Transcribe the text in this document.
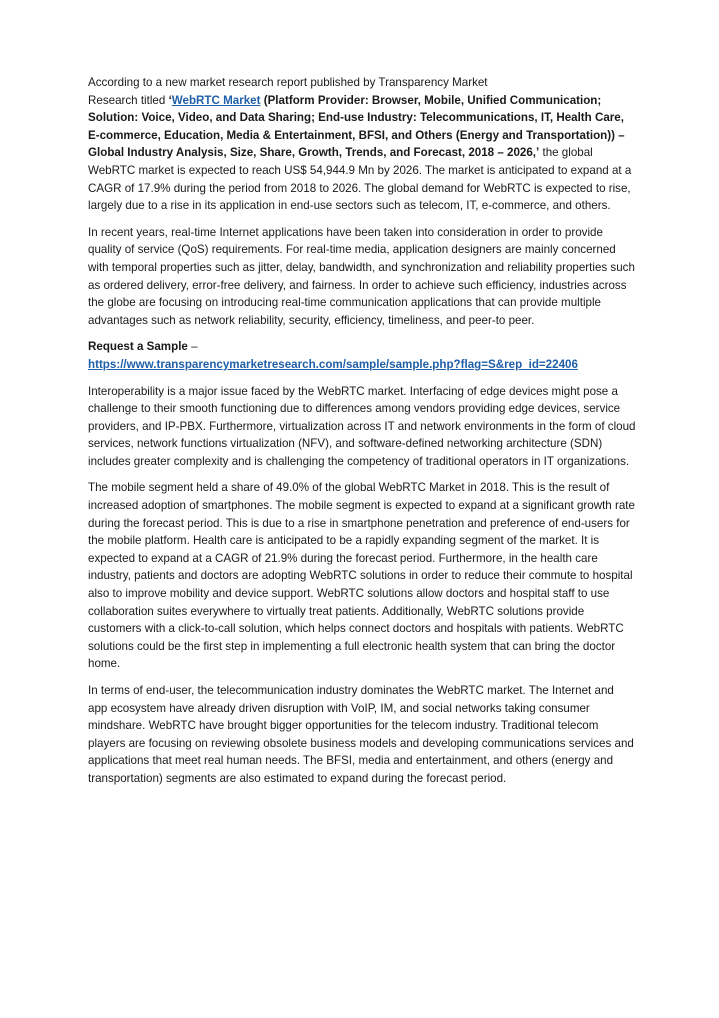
According to a new market research report published by Transparency Market
Research titled ‘WebRTC Market (Platform Provider: Browser, Mobile, Unified Communication; Solution: Voice, Video, and Data Sharing; End-use Industry: Telecommunications, IT, Health Care, E-commerce, Education, Media & Entertainment, BFSI, and Others (Energy and Transportation)) – Global Industry Analysis, Size, Share, Growth, Trends, and Forecast, 2018 – 2026,’ the global WebRTC market is expected to reach US$ 54,944.9 Mn by 2026. The market is anticipated to expand at a CAGR of 17.9% during the period from 2018 to 2026. The global demand for WebRTC is expected to rise, largely due to a rise in its application in end-use sectors such as telecom, IT, e-commerce, and others.

In recent years, real-time Internet applications have been taken into consideration in order to provide quality of service (QoS) requirements. For real-time media, application designers are mainly concerned with temporal properties such as jitter, delay, bandwidth, and synchronization and reliability properties such as ordered delivery, error-free delivery, and fairness. In order to achieve such efficiency, industries across the globe are focusing on introducing real-time communication applications that can provide multiple advantages such as network reliability, security, efficiency, timeliness, and peer-to peer.

Request a Sample –
https://www.transparencymarketresearch.com/sample/sample.php?flag=S&rep_id=22406

Interoperability is a major issue faced by the WebRTC market. Interfacing of edge devices might pose a challenge to their smooth functioning due to differences among vendors providing edge devices, service providers, and IP-PBX. Furthermore, virtualization across IT and network environments in the form of cloud services, network functions virtualization (NFV), and software-defined networking architecture (SDN) includes greater complexity and is challenging the competency of traditional operators in IT organizations.

The mobile segment held a share of 49.0% of the global WebRTC Market in 2018. This is the result of increased adoption of smartphones. The mobile segment is expected to expand at a significant growth rate during the forecast period. This is due to a rise in smartphone penetration and preference of end-users for the mobile platform. Health care is anticipated to be a rapidly expanding segment of the market. It is expected to expand at a CAGR of 21.9% during the forecast period. Furthermore, in the health care industry, patients and doctors are adopting WebRTC solutions in order to reduce their commute to hospital also to improve mobility and device support. WebRTC solutions allow doctors and hospital staff to use collaboration suites everywhere to virtually treat patients. Additionally, WebRTC solutions provide customers with a click-to-call solution, which helps connect doctors and hospitals with patients. WebRTC solutions could be the first step in implementing a full electronic health system that can bring the doctor home.

In terms of end-user, the telecommunication industry dominates the WebRTC market. The Internet and app ecosystem have already driven disruption with VoIP, IM, and social networks taking consumer mindshare. WebRTC have brought bigger opportunities for the telecom industry. Traditional telecom players are focusing on reviewing obsolete business models and developing communications services and applications that meet real human needs. The BFSI, media and entertainment, and others (energy and transportation) segments are also estimated to expand during the forecast period.
